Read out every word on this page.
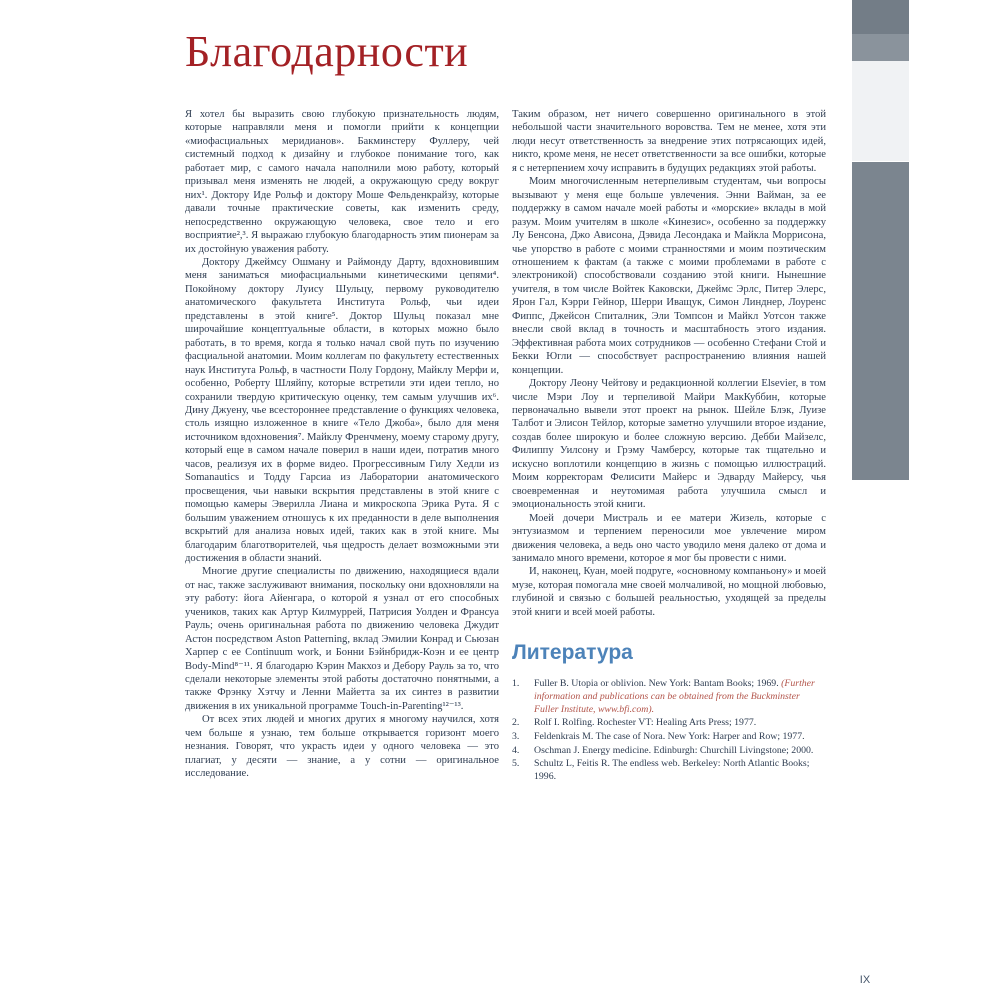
Благодарности

Я хотел бы выразить свою глубокую признательность людям, которые направляли меня и помогли прийти к концепции «миофасциальных меридианов». Бакминстеру Фуллеру, чей системный подход к дизайну и глубокое понимание того, как работает мир, с самого начала наполнили мою работу, который призывал меня изменять не людей, а окружающую среду вокруг них¹. Доктору Иде Рольф и доктору Моше Фельденкрайзу, которые давали точные практические советы, как изменить среду, непосредственно окружающую человека, свое тело и его восприятие²,³. Я выражаю глубокую благодарность этим пионерам за их достойную уважения работу.

Доктору Джеймсу Ошману и Раймонду Дарту, вдохновившим меня заниматься миофасциальными кинетическими цепями⁴. Покойному доктору Луису Шульцу, первому руководителю анатомического факультета Института Рольф, чьи идеи представлены в этой книге⁵. Доктор Шульц показал мне широчайшие концептуальные области, в которых можно было работать, в то время, когда я только начал свой путь по изучению фасциальной анатомии. Моим коллегам по факультету естественных наук Института Рольф, в частности Полу Гордону, Майклу Мерфи и, особенно, Роберту Шляйпу, которые встретили эти идеи тепло, но сохранили твердую критическую оценку, тем самым улучшив их⁶. Дину Джуену, чье всестороннее представление о функциях человека, столь изящно изложенное в книге «Тело Джоба», было для меня источником вдохновения⁷. Майклу Френчмену, моему старому другу, который еще в самом начале поверил в наши идеи, потратив много часов, реализуя их в форме видео. Прогрессивным Гилу Хедли из Somanautics и Тодду Гарсиа из Лаборатории анатомического просвещения, чьи навыки вскрытия представлены в этой книге с помощью камеры Эверилла Лиана и микроскопа Эрика Рута. Я с большим уважением отношусь к их преданности в деле выполнения вскрытий для анализа новых идей, таких как в этой книге. Мы благодарим благотворителей, чья щедрость делает возможными эти достижения в области знаний.

Многие другие специалисты по движению, находящиеся вдали от нас, также заслуживают внимания, поскольку они вдохновляли на эту работу: йога Айенгара, о которой я узнал от его способных учеников, таких как Артур Килмуррей, Патрисия Уолден и Франсуа Рауль; очень оригинальная работа по движению человека Джудит Астон посредством Aston Patterning, вклад Эмилии Конрад и Сьюзан Харпер с ее Continuum work, и Бонни Бэйнбридж-Коэн и ее центр Body-Mind⁸⁻¹¹. Я благодарю Кэрин Макхоз и Дебору Рауль за то, что сделали некоторые элементы этой работы достаточно понятными, а также Фрэнку Хэтчу и Ленни Майетта за их синтез в развитии движения в их уникальной программе Touch-in-Parenting¹²⁻¹³.

От всех этих людей и многих других я многому научился, хотя чем больше я узнаю, тем больше открывается горизонт моего незнания. Говорят, что украсть идеи у одного человека — это плагиат, у десяти — знание, а у сотни — оригинальное исследование.

Таким образом, нет ничего совершенно оригинального в этой небольшой части значительного воровства. Тем не менее, хотя эти люди несут ответственность за внедрение этих потрясающих идей, никто, кроме меня, не несет ответственности за все ошибки, которые я с нетерпением хочу исправить в будущих редакциях этой работы.

Моим многочисленным нетерпеливым студентам, чьи вопросы вызывают у меня еще больше увлечения. Энни Вайман, за ее поддержку в самом начале моей работы и «морские» вклады в мой разум. Моим учителям в школе «Кинезис», особенно за поддержку Лу Бенсона, Джо Ависона, Дэвида Лесондака и Майкла Моррисона, чье упорство в работе с моими странностями и моим поэтическим отношением к фактам (а также с моими проблемами в работе с электроникой) способствовали созданию этой книги. Нынешние учителя, в том числе Войтек Каковски, Джеймс Эрлс, Питер Элерс, Ярон Гал, Кэрри Гейнор, Шерри Иващук, Симон Линднер, Лоуренс Фиппс, Джейсон Спиталник, Эли Томпсон и Майкл Уотсон также внесли свой вклад в точность и масштабность этого издания. Эффективная работа моих сотрудников — особенно Стефани Стой и Бекки Югли — способствует распространению влияния нашей концепции.

Доктору Леону Чейтову и редакционной коллегии Elsevier, в том числе Мэри Лоу и терпеливой Майри МакКуббин, которые первоначально вывели этот проект на рынок. Шейле Блэк, Луизе Талбот и Элисон Тейлор, которые заметно улучшили второе издание, создав более широкую и более сложную версию. Дебби Майзелс, Филиппу Уилсону и Грэму Чамберсу, которые так тщательно и искусно воплотили концепцию в жизнь с помощью иллюстраций. Моим корректорам Фелисити Майерс и Эдварду Майерсу, чья своевременная и неутомимая работа улучшила смысл и эмоциональность этой книги.

Моей дочери Мистраль и ее матери Жизель, которые с энтузиазмом и терпением переносили мое увлечение миром движения человека, а ведь оно часто уводило меня далеко от дома и занимало много времени, которое я мог бы провести с ними.

И, наконец, Куан, моей подруге, «основному компаньону» и моей музе, которая помогала мне своей молчаливой, но мощной любовью, глубиной и связью с большей реальностью, уходящей за пределы этой книги и всей моей работы.

Литература
1.	Fuller B. Utopia or oblivion. New York: Bantam Books; 1969. (Further information and publications can be obtained from the Buckminster Fuller Institute, www.bfi.com).
2.	Rolf I. Rolfing. Rochester VT: Healing Arts Press; 1977.
3.	Feldenkrais M. The case of Nora. New York: Harper and Row; 1977.
4.	Oschman J. Energy medicine. Edinburgh: Churchill Livingstone; 2000.
5.	Schultz L, Feitis R. The endless web. Berkeley: North Atlantic Books; 1996.
IX
